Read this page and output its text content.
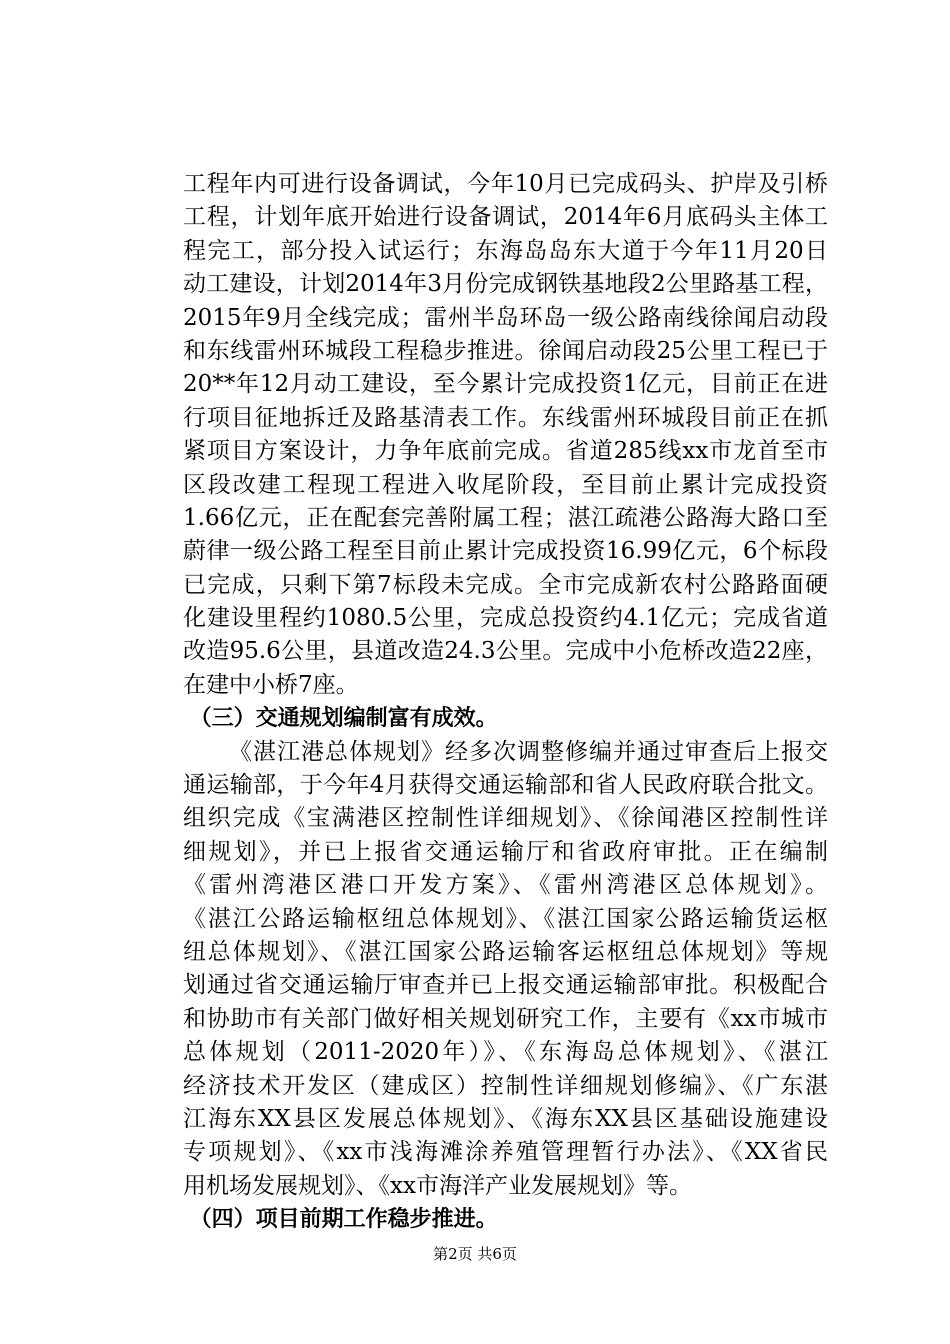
工程年内可进行设备调试，今年10月已完成码头、护岸及引桥
工程，计划年底开始进行设备调试，2014年6月底码头主体工
程完工，部分投入试运行；东海岛岛东大道于今年11月20日
动工建设，计划2014年3月份完成钢铁基地段2公里路基工程，
2015年9月全线完成；雷州半岛环岛一级公路南线徐闻启动段
和东线雷州环城段工程稳步推进。徐闻启动段25公里工程已于
20**年12月动工建设，至今累计完成投资1亿元，目前正在进
行项目征地拆迁及路基清表工作。东线雷州环城段目前正在抓
紧项目方案设计，力争年底前完成。省道285线xx市龙首至市
区段改建工程现工程进入收尾阶段，至目前止累计完成投资
1.66亿元，正在配套完善附属工程；湛江疏港公路海大路口至
蔚律一级公路工程至目前止累计完成投资16.99亿元，6个标段
已完成，只剩下第7标段未完成。全市完成新农村公路路面硬
化建设里程约1080.5公里，完成总投资约4.1亿元；完成省道
改造95.6公里，县道改造24.3公里。完成中小危桥改造22座，
在建中小桥7座。
（三）交通规划编制富有成效。
《湛江港总体规划》经多次调整修编并通过审查后上报交
通运输部，于今年4月获得交通运输部和省人民政府联合批文。
组织完成《宝满港区控制性详细规划》、《徐闻港区控制性详
细规划》，并已上报省交通运输厅和省政府审批。正在编制
《雷州湾港区港口开发方案》、《雷州湾港区总体规划》。
《湛江公路运输枢纽总体规划》、《湛江国家公路运输货运枢
纽总体规划》、《湛江国家公路运输客运枢纽总体规划》等规
划通过省交通运输厅审查并已上报交通运输部审批。积极配合
和协助市有关部门做好相关规划研究工作，主要有《xx市城市
总体规划（2011-2020年）》、《东海岛总体规划》、《湛江
经济技术开发区（建成区）控制性详细规划修编》、《广东湛
江海东XX县区发展总体规划》、《海东XX县区基础设施建设
专项规划》、《xx市浅海滩涂养殖管理暂行办法》、《XX省民
用机场发展规划》、《xx市海洋产业发展规划》等。
（四）项目前期工作稳步推进。
第2页 共6页
